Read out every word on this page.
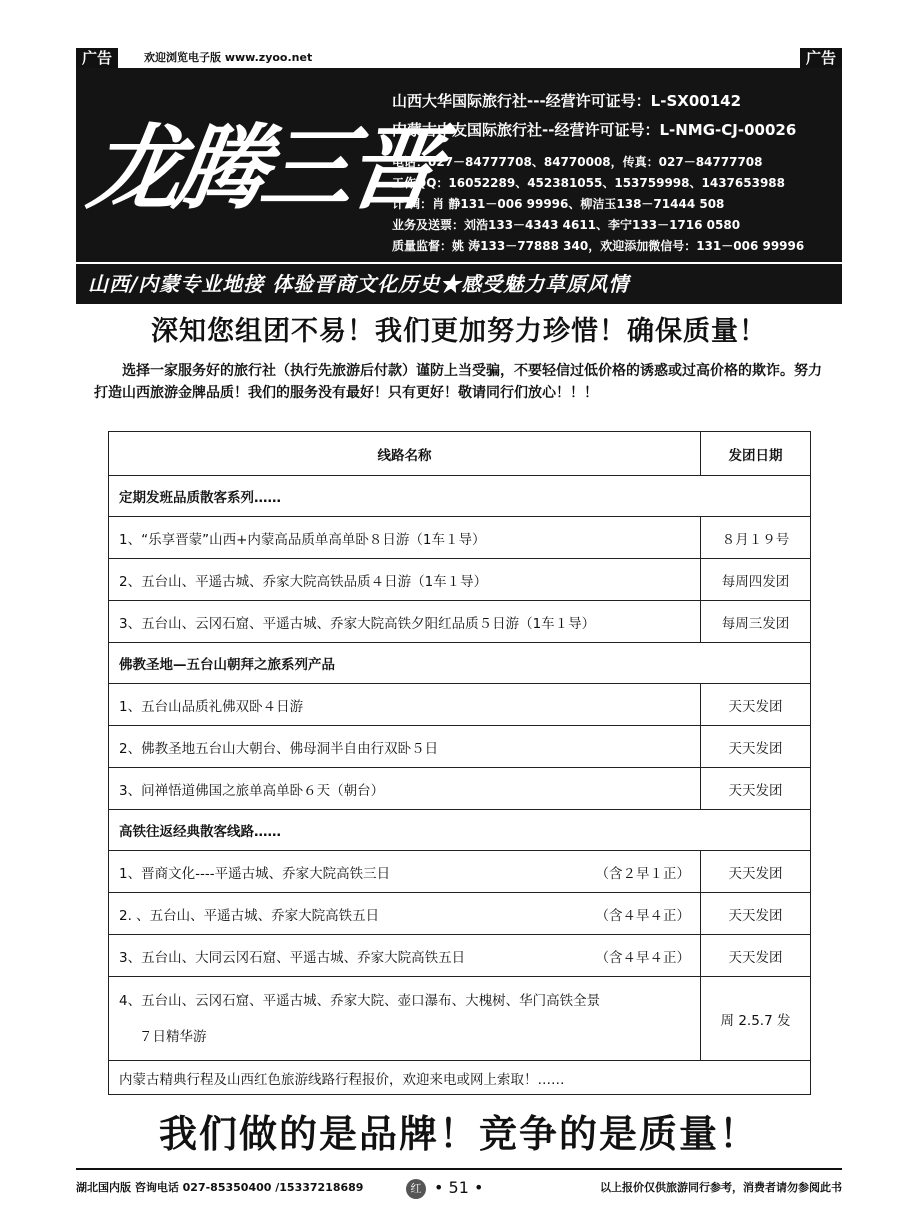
广告	欢迎浏览电子版 www.zyoo.net	广告
龙腾三晋
山西大华国际旅行社---经营许可证号：L-SX00142
内蒙古中友国际旅行社--经营许可证号：L-NMG-CJ-00026
电话：027－84777708、84770008，传真：027－84777708
工作QQ：16052289、452381055、153759998、1437653988
计 调：肖 静131－006 99996、柳洁玉138－71444 508
业务及送票：刘浩133－4343 4611、李宁133－1716 0580
质量监督：姚 涛133－77888 340，欢迎添加微信号：131－006 99996
山西/内蒙专业地接 体验晋商文化历史★感受魅力草原风情
深知您组团不易！我们更加努力珍惜！确保质量！
选择一家服务好的旅行社（执行先旅游后付款）谨防上当受骗，不要轻信过低价格的诱惑或过高价格的欺诈。努力打造山西旅游金牌品质！我们的服务没有最好！只有更好！敬请同行们放心！！！
线路名称	发团日期
定期发班品质散客系列……	
1、“乐享晋蒙”山西+内蒙高品质单高单卧８日游（1车１导）	８月１９号
2、五台山、平遥古城、乔家大院高铁品质４日游（1车１导）	每周四发团
3、五台山、云冈石窟、平遥古城、乔家大院高铁夕阳红品质５日游（1车１导）	每周三发团
佛教圣地—五台山朝拜之旅系列产品	
1、五台山品质礼佛双卧４日游	天天发团
2、佛教圣地五台山大朝台、佛母洞半自由行双卧５日	天天发团
3、问禅悟道佛国之旅单高单卧６天（朝台）	天天发团
高铁往返经典散客线路……	
1、晋商文化----平遥古城、乔家大院高铁三日 （含２早１正）	天天发团
2. 、五台山、平遥古城、乔家大院高铁五日 （含４早４正）	天天发团
3、五台山、大同云冈石窟、平遥古城、乔家大院高铁五日 （含４早４正）	天天发团

4、五台山、云冈石窟、平遥古城、乔家大院、壶口瀑布、大槐树、华门高铁全景
７日精华游	周 2.5.7 发
内蒙古精典行程及山西红色旅游线路行程报价，欢迎来电或网上索取！……	
我们做的是品牌！竞争的是质量！
湖北国内版 咨询电话 027-85350400 /15337218689	红 • 51 •	以上报价仅供旅游同行参考，消费者请勿参阅此书
